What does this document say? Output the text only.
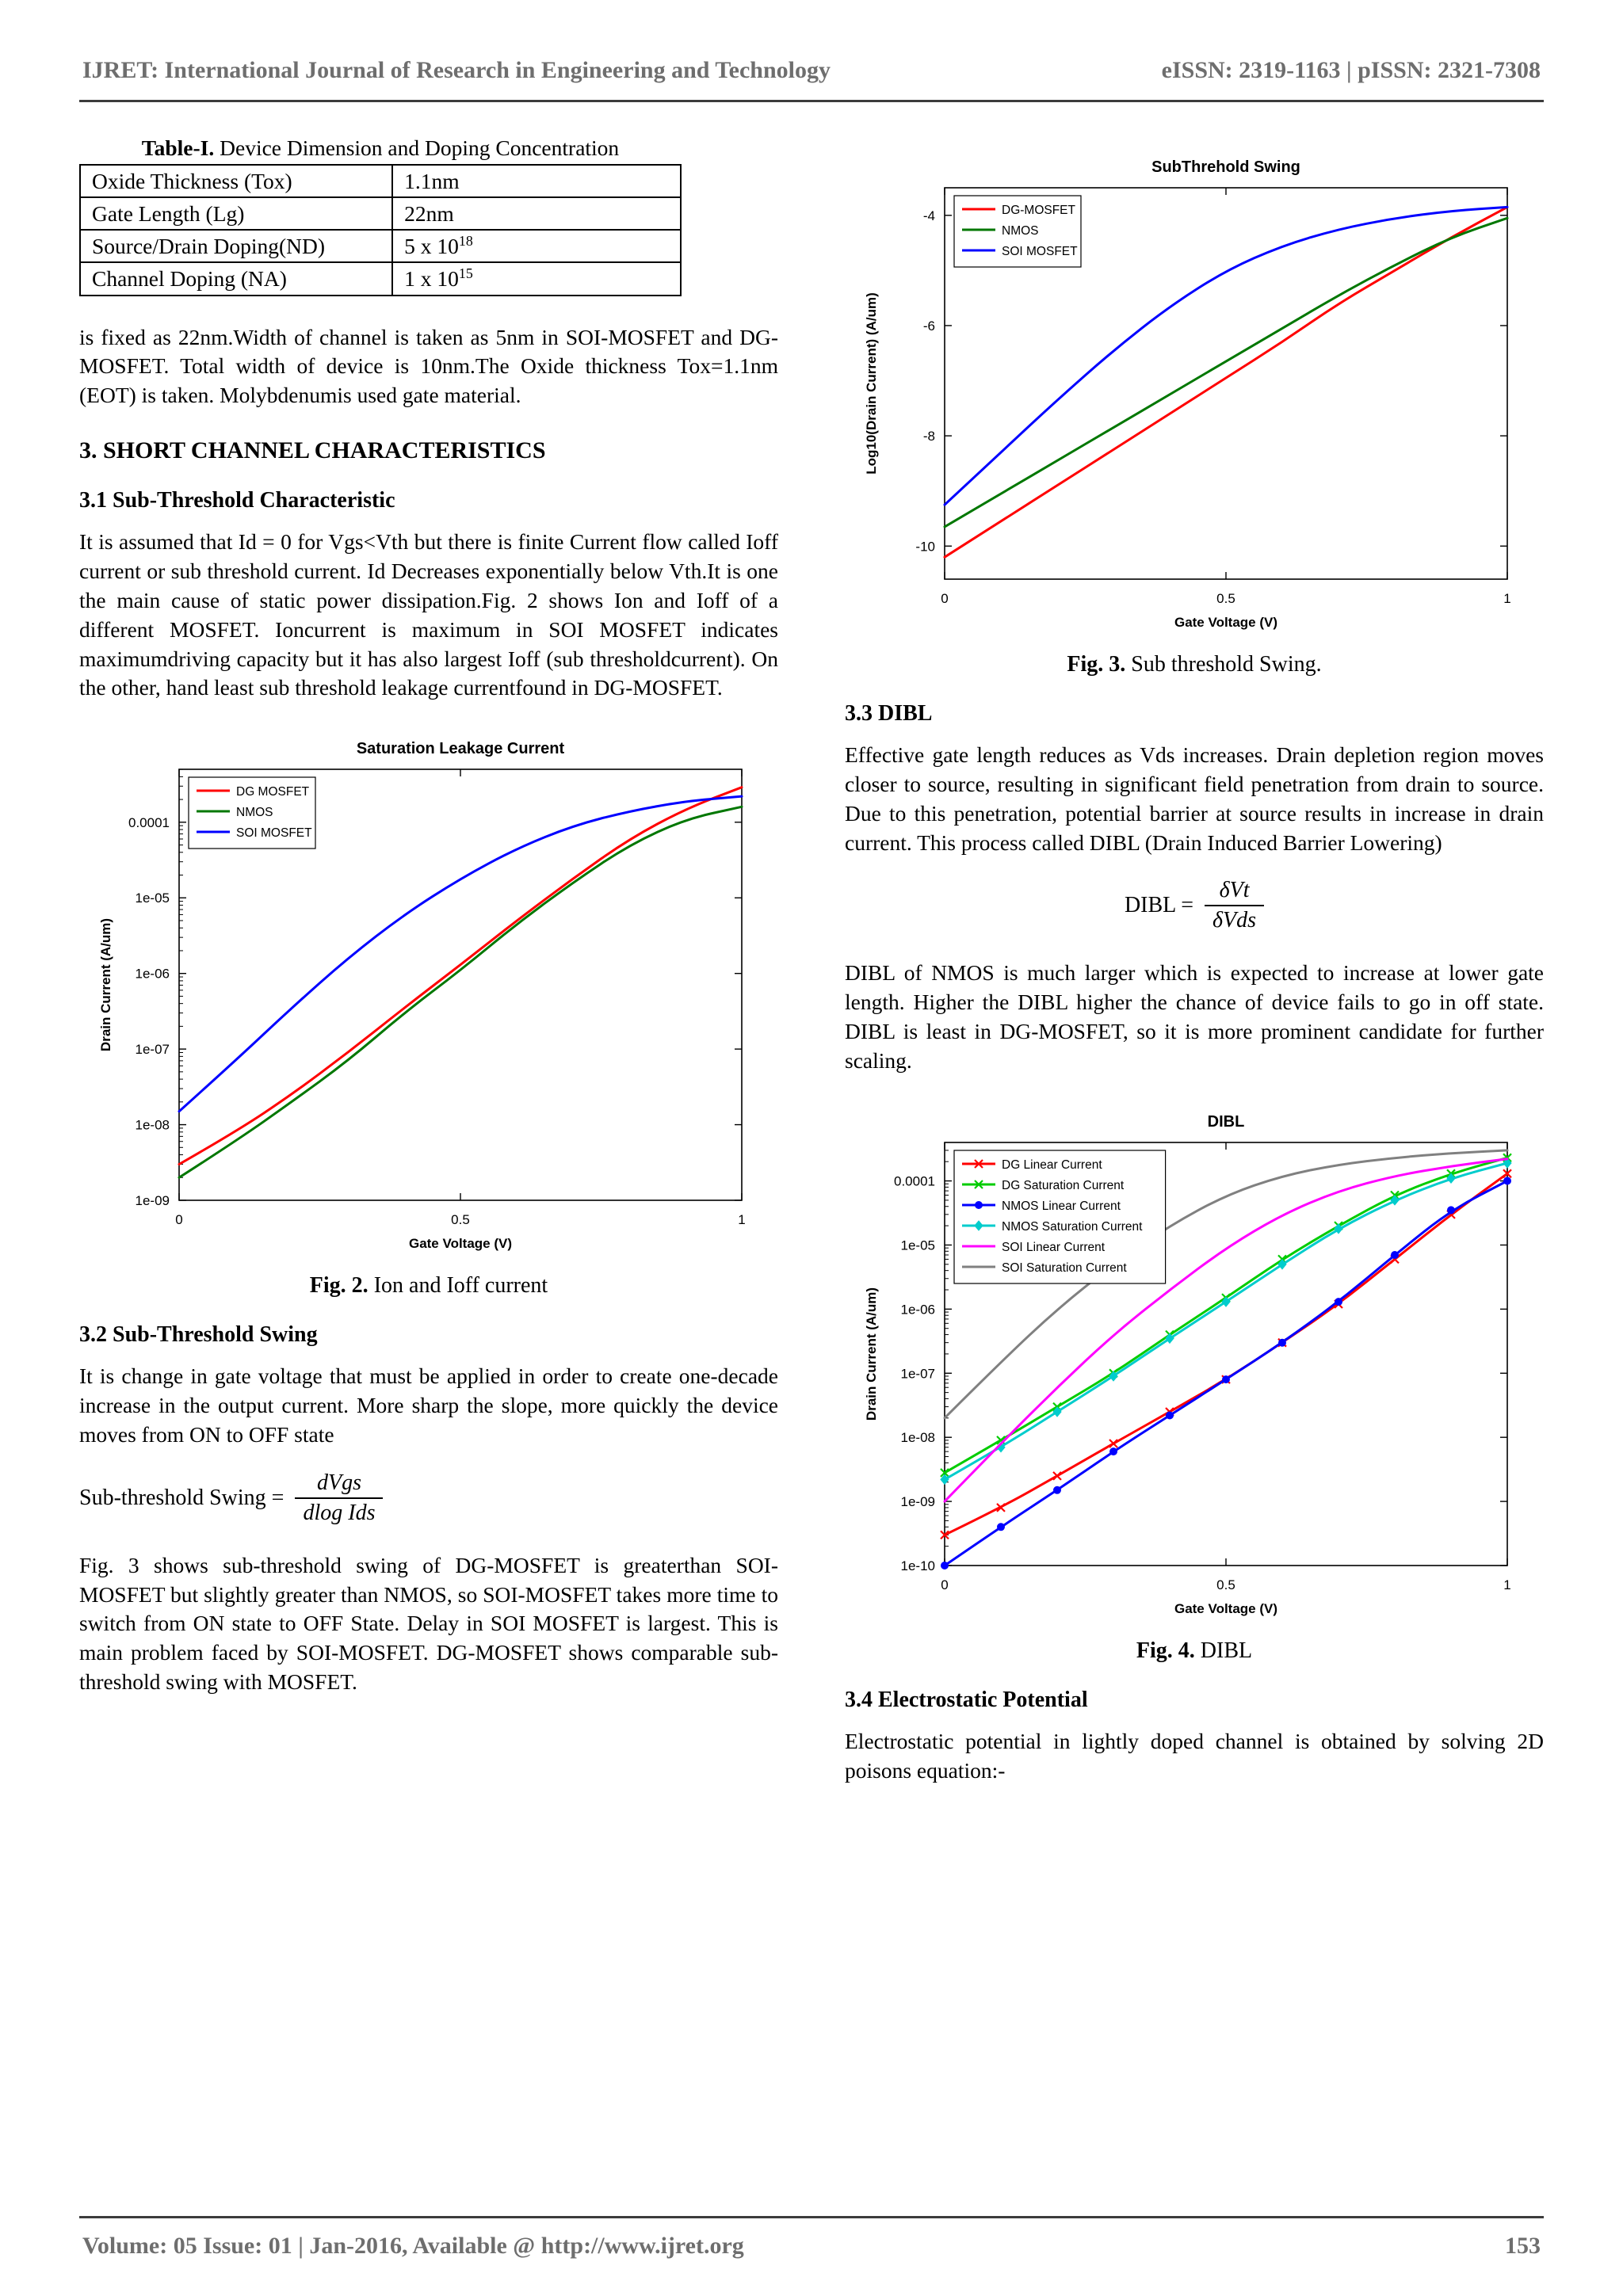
IJRET: International Journal of Research in Engineering and Technology	eISSN: 2319-1163 | pISSN: 2321-7308

Table-I. Device Dimension and Doping Concentration

Oxide Thickness (Tox)	1.1nm
Gate Length (Lg)	22nm
Source/Drain Doping(ND)	5 x $10^{18}$
Channel Doping (NA)	1 x $10^{15}$

is fixed as 22nm.Width of channel is taken as 5nm in SOI-MOSFET and DG-MOSFET. Total width of device is 10nm.The Oxide thickness Tox=1.1nm (EOT) is taken. Molybdenumis used gate material.

3. SHORT CHANNEL CHARACTERISTICS
3.1 Sub-Threshold Characteristic

It is assumed that Id = 0 for Vgs<Vth but there is finite Current flow called Ioff current or sub threshold current. Id Decreases exponentially below Vth.It is one the main cause of static power dissipation.Fig. 2 shows Ion and Ioff of a different MOSFET. Ioncurrent is maximum in SOI MOSFET indicates maximumdriving capacity but it has also largest Ioff (sub thresholdcurrent). On the other, hand least sub threshold leakage currentfound in DG-MOSFET.

Saturation Leakage Current
0	0.5	1
0.0001
1e-05
1e-06
1e-07
1e-08
1e-09
Gate Voltage (V)
Drain Current (A/um)
DG MOSFET
NMOS
SOI MOSFET

Fig. 2. Ion and Ioff current

3.2 Sub-Threshold Swing

It is change in gate voltage that must be applied in order to create one-decade increase in the output current. More sharp the slope, more quickly the device moves from ON to OFF state

Sub-threshold Swing = $\frac{\text{dVgs}}{\text{dlog Ids}}$

Fig. 3 shows sub-threshold swing of DG-MOSFET is greaterthan SOI-MOSFET but slightly greater than NMOS, so SOI-MOSFET takes more time to switch from ON state to OFF State. Delay in SOI MOSFET is largest. This is main problem faced by SOI-MOSFET. DG-MOSFET shows comparable sub-threshold swing with MOSFET.

SubThrehold Swing
0	0.5	1
-4
-6
-8
-10
Gate Voltage (V)
Log10(Drain Current) (A/um)
DG-MOSFET
NMOS
SOI MOSFET

Fig. 3. Sub threshold Swing.

3.3 DIBL

Effective gate length reduces as Vds increases. Drain depletion region moves closer to source, resulting in significant field penetration from drain to source. Due to this penetration, potential barrier at source results in increase in drain current. This process called DIBL (Drain Induced Barrier Lowering)

DIBL = $\frac{\text{δVt}}{\text{δVds}}$

DIBL of NMOS is much larger which is expected to increase at lower gate length. Higher the DIBL higher the chance of device fails to go in off state. DIBL is least in DG-MOSFET, so it is more prominent candidate for further scaling.

DIBL
0	0.5	1
0.0001
1e-05
1e-06
1e-07
1e-08
1e-09
1e-10
Gate Voltage (V)
Drain Current (A/um)
DG Linear Current
DG Saturation Current
NMOS Linear Current
NMOS Saturation Current
SOI Linear Current
SOI Saturation Current

Fig. 4. DIBL

3.4 Electrostatic Potential

Electrostatic potential in lightly doped channel is obtained by solving 2D poisons equation:-

Volume: 05 Issue: 01 | Jan-2016, Available @ http://www.ijret.org	153
